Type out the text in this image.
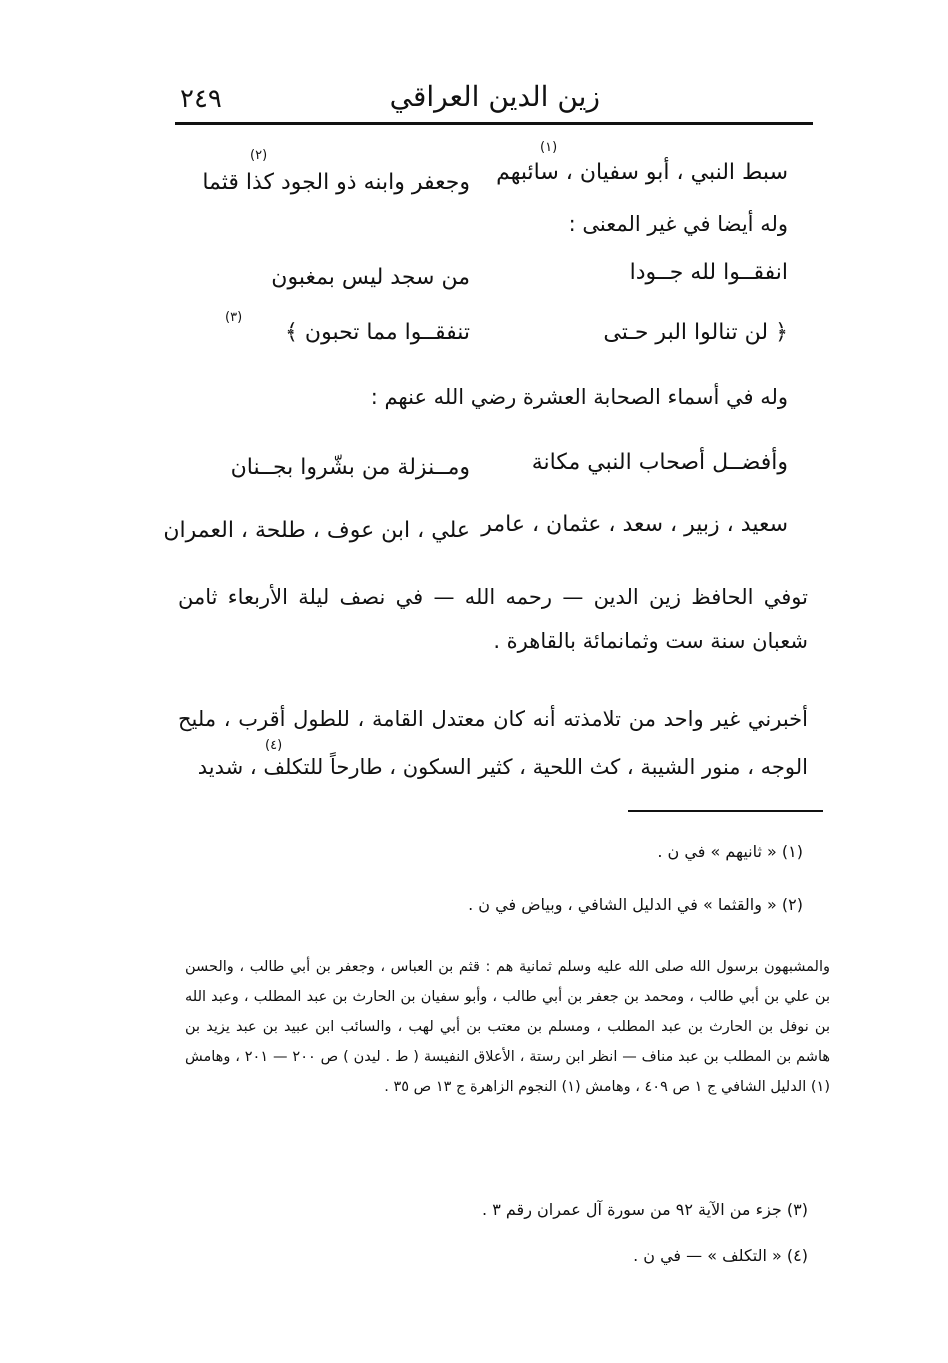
٢٤٩	زين الدين العراقي
سبط النبي ، أبو سفيان ، سائبهم
(١)
وجعفر وابنه ذو الجود كذا قثما
(٢)
وله أيضا في غير المعنى :
انفقــوا لله جــودا
من سجد ليس بمغبون
﴿ لن تنالوا البر حـتى
تنفقــوا مما تحبون ﴾
(٣)
وله في أسماء الصحابة العشرة رضي الله عنهم :
وأفضــل أصحاب النبي مكانة
ومــنزلة من بشّروا بجــنان
سعيد ، زبير ، سعد ، عثمان ، عامر
علي ، ابن عوف ، طلحة ، العمران
توفي الحافظ زين الدين — رحمه الله — في نصف ليلة الأربعاء ثامن شعبان سنة ست وثمانمائة بالقاهرة .
أخبرني غير واحد من تلامذته أنه كان معتدل القامة ، للطول أقرب ، مليح الوجه ، منور الشيبة ، كث اللحية ، كثير السكون ، طارحاً للتكلف ، شديد
(٤)
(١) « ثانيهم » في ن .
(٢) « والقثما » في الدليل الشافي ، وبياض في ن .
والمشبهون برسول الله صلى الله عليه وسلم ثمانية هم : قثم بن العباس ، وجعفر بن أبي طالب ، والحسن بن علي بن أبي طالب ، ومحمد بن جعفر بن أبي طالب ، وأبو سفيان بن الحارث بن عبد المطلب ، وعبد الله بن نوفل بن الحارث بن عبد المطلب ، ومسلم بن معتب بن أبي لهب ، والسائب ابن عبيد بن عبد يزيد بن هاشم بن المطلب بن عبد مناف — انظر ابن رستة ، الأعلاق النفيسة ( ط . ليدن ) ص ٢٠٠ — ٢٠١ ، وهامش (١) الدليل الشافي ج ١ ص ٤٠٩ ، وهامش (١) النجوم الزاهرة ج ١٣ ص ٣٥ .
(٣) جزء من الآية ٩٢ من سورة آل عمران رقم ٣ .
(٤) « التكلف » — في ن .
